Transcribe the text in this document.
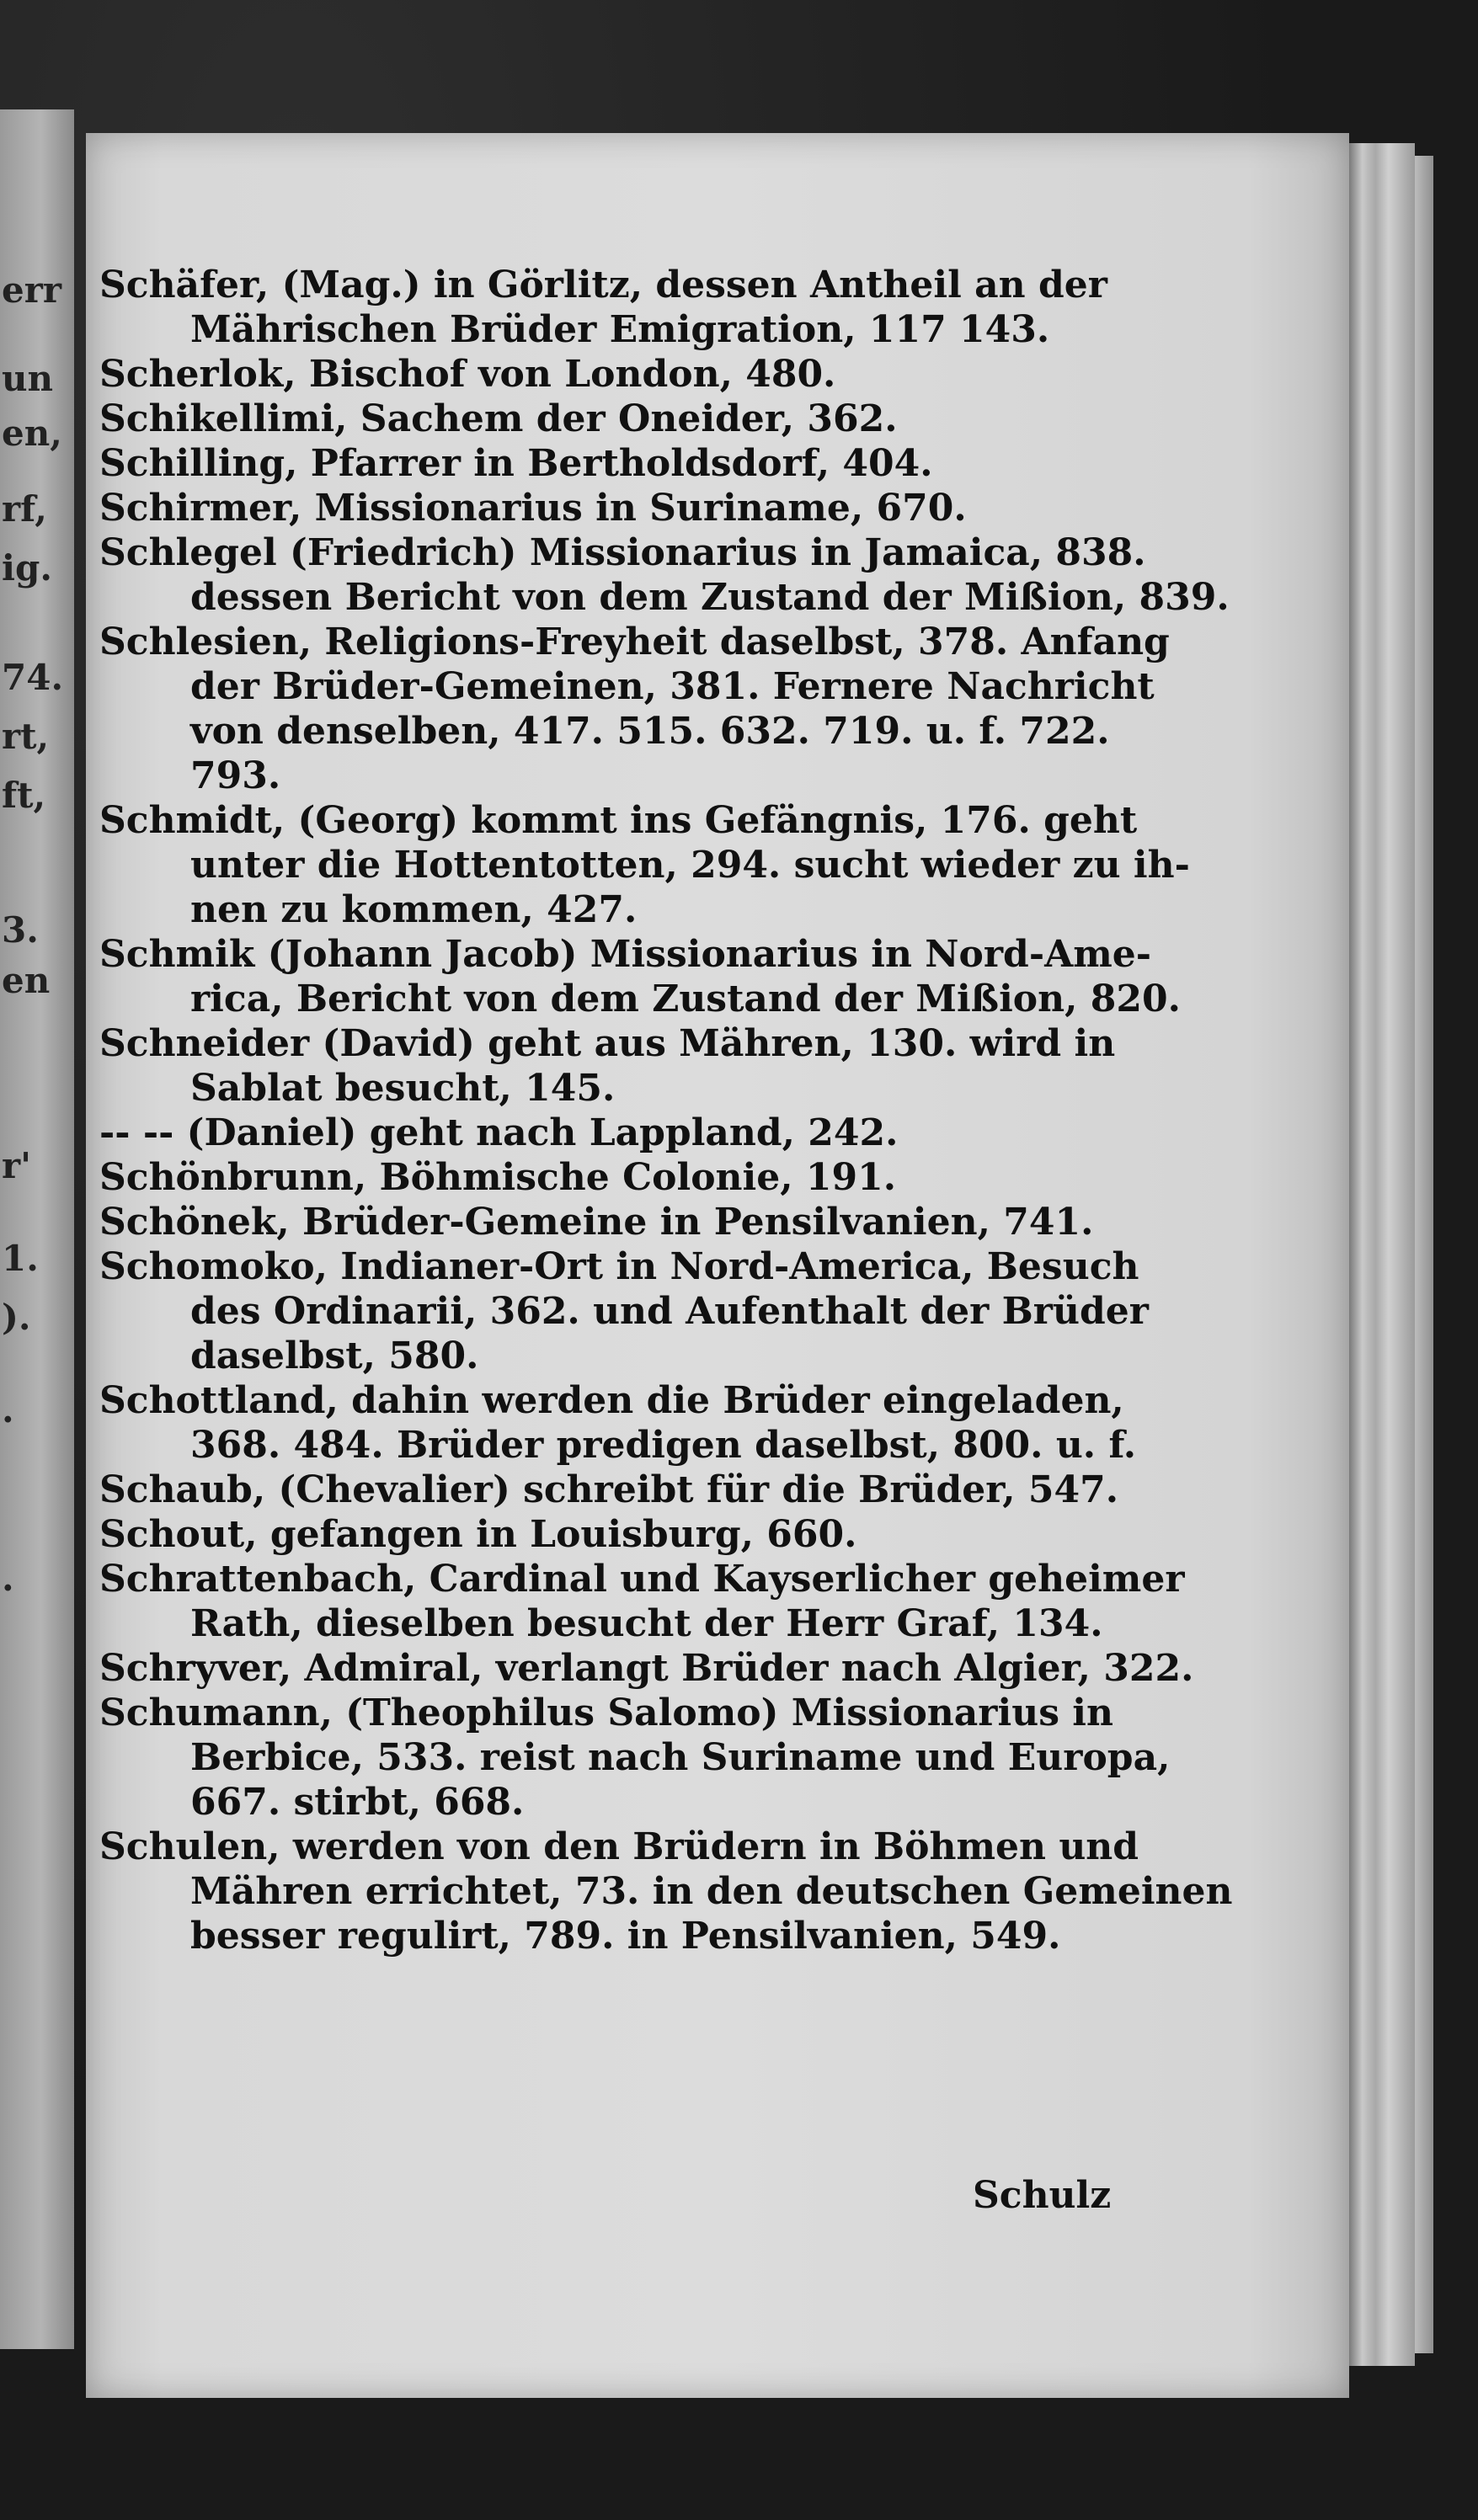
err
un
en,
rf,
ig.
74.
rt,
ft,
3.
en
r'
1.
).
.
.
Schäfer, (Mag.) in Görlitz, dessen Antheil an der
Mährischen Brüder Emigration, 117 143.
Scherlok, Bischof von London, 480.
Schikellimi, Sachem der Oneider, 362.
Schilling, Pfarrer in Bertholdsdorf, 404.
Schirmer, Missionarius in Suriname, 670.
Schlegel (Friedrich) Missionarius in Jamaica, 838.
dessen Bericht von dem Zustand der Mißion, 839.
Schlesien, Religions-Freyheit daselbst, 378. Anfang
der Brüder-Gemeinen, 381. Fernere Nachricht
von denselben, 417. 515. 632. 719. u. f. 722.
793.
Schmidt, (Georg) kommt ins Gefängnis, 176. geht
unter die Hottentotten, 294. sucht wieder zu ih-
nen zu kommen, 427.
Schmik (Johann Jacob) Missionarius in Nord-Ame-
rica, Bericht von dem Zustand der Mißion, 820.
Schneider (David) geht aus Mähren, 130. wird in
Sablat besucht, 145.
-- -- (Daniel) geht nach Lappland, 242.
Schönbrunn, Böhmische Colonie, 191.
Schönek, Brüder-Gemeine in Pensilvanien, 741.
Schomoko, Indianer-Ort in Nord-America, Besuch
des Ordinarii, 362. und Aufenthalt der Brüder
daselbst, 580.
Schottland, dahin werden die Brüder eingeladen,
368. 484. Brüder predigen daselbst, 800. u. f.
Schaub, (Chevalier) schreibt für die Brüder, 547.
Schout, gefangen in Louisburg, 660.
Schrattenbach, Cardinal und Kayserlicher geheimer
Rath, dieselben besucht der Herr Graf, 134.
Schryver, Admiral, verlangt Brüder nach Algier, 322.
Schumann, (Theophilus Salomo) Missionarius in
Berbice, 533. reist nach Suriname und Europa,
667. stirbt, 668.
Schulen, werden von den Brüdern in Böhmen und
Mähren errichtet, 73. in den deutschen Gemeinen
besser regulirt, 789. in Pensilvanien, 549.
Schulz
